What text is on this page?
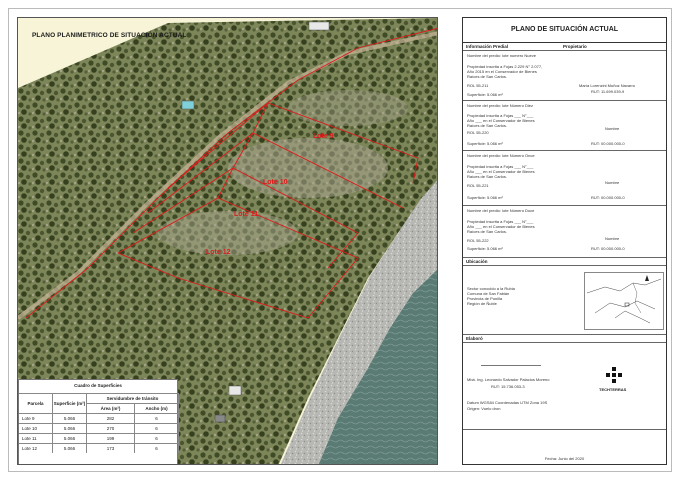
PLANO PLANIMETRICO DE SITUACIÓN ACTUAL
Lote 9
Lote 10
Lote 11
Lote 12
Cuadro de Superficies
Parcela	Superficie (m²)
Servidumbre de tránsito
Área (m²)	Ancho (m)
Lote 9	5.066	282	6
Lote 10	5.066	270	6
Lote 11	5.066	199	6
Lote 12	5.066	173	6
PLANO DE SITUACIÓN ACTUAL
Información Predial	Propietario
Nombre del predio: lote numero Nueve
Propiedad inscrita a Fojas 2.229 N° 2.077,
Año 2015 en el Conservador de Bienes
Raíces de San Carlos.
ROL 55-211
Superficie: 5.066 m²
María Lorenzini Muñoz Navarro
RUT: 11.699.039-9
Nombre del predio: lote Número Diez
Propiedad inscrita a Fojas ___ N°___
Año ___ en el Conservador de Bienes
Raíces de San Carlos.
ROL 55-220
Superficie: 5.066 m²
Nombre
RUT: 00.000.000-0
Nombre del predio: lote Número Once
Propiedad inscrita a Fojas ___ N°___
Año ___ en el Conservador de Bienes
Raíces de San Carlos.
ROL 55-221
Superficie: 5.066 m²
Nombre
RUT: 00.000.000-0
Nombre del predio: lote Número Doce
Propiedad inscrita a Fojas ___ N°___
Año ___ en el Conservador de Bienes
Raíces de San Carlos.
ROL 55-222
Superficie: 5.066 m²
Nombre
RUT: 00.000.000-0
Ubicación
Sector conocido a la Rubia
Comuna de San Fabián
Provincia de Punilla
Región de Ñuble
Elaboró
Mbá. Ing. Leonardo Salvador Palacios Moreno
RUT: 15.736.053-3
Datum WGS84 Coordenadas UTM Zona 19S
Origen: Vuelo dron
TECHTERRAS
Fecha: Junio del 2020
